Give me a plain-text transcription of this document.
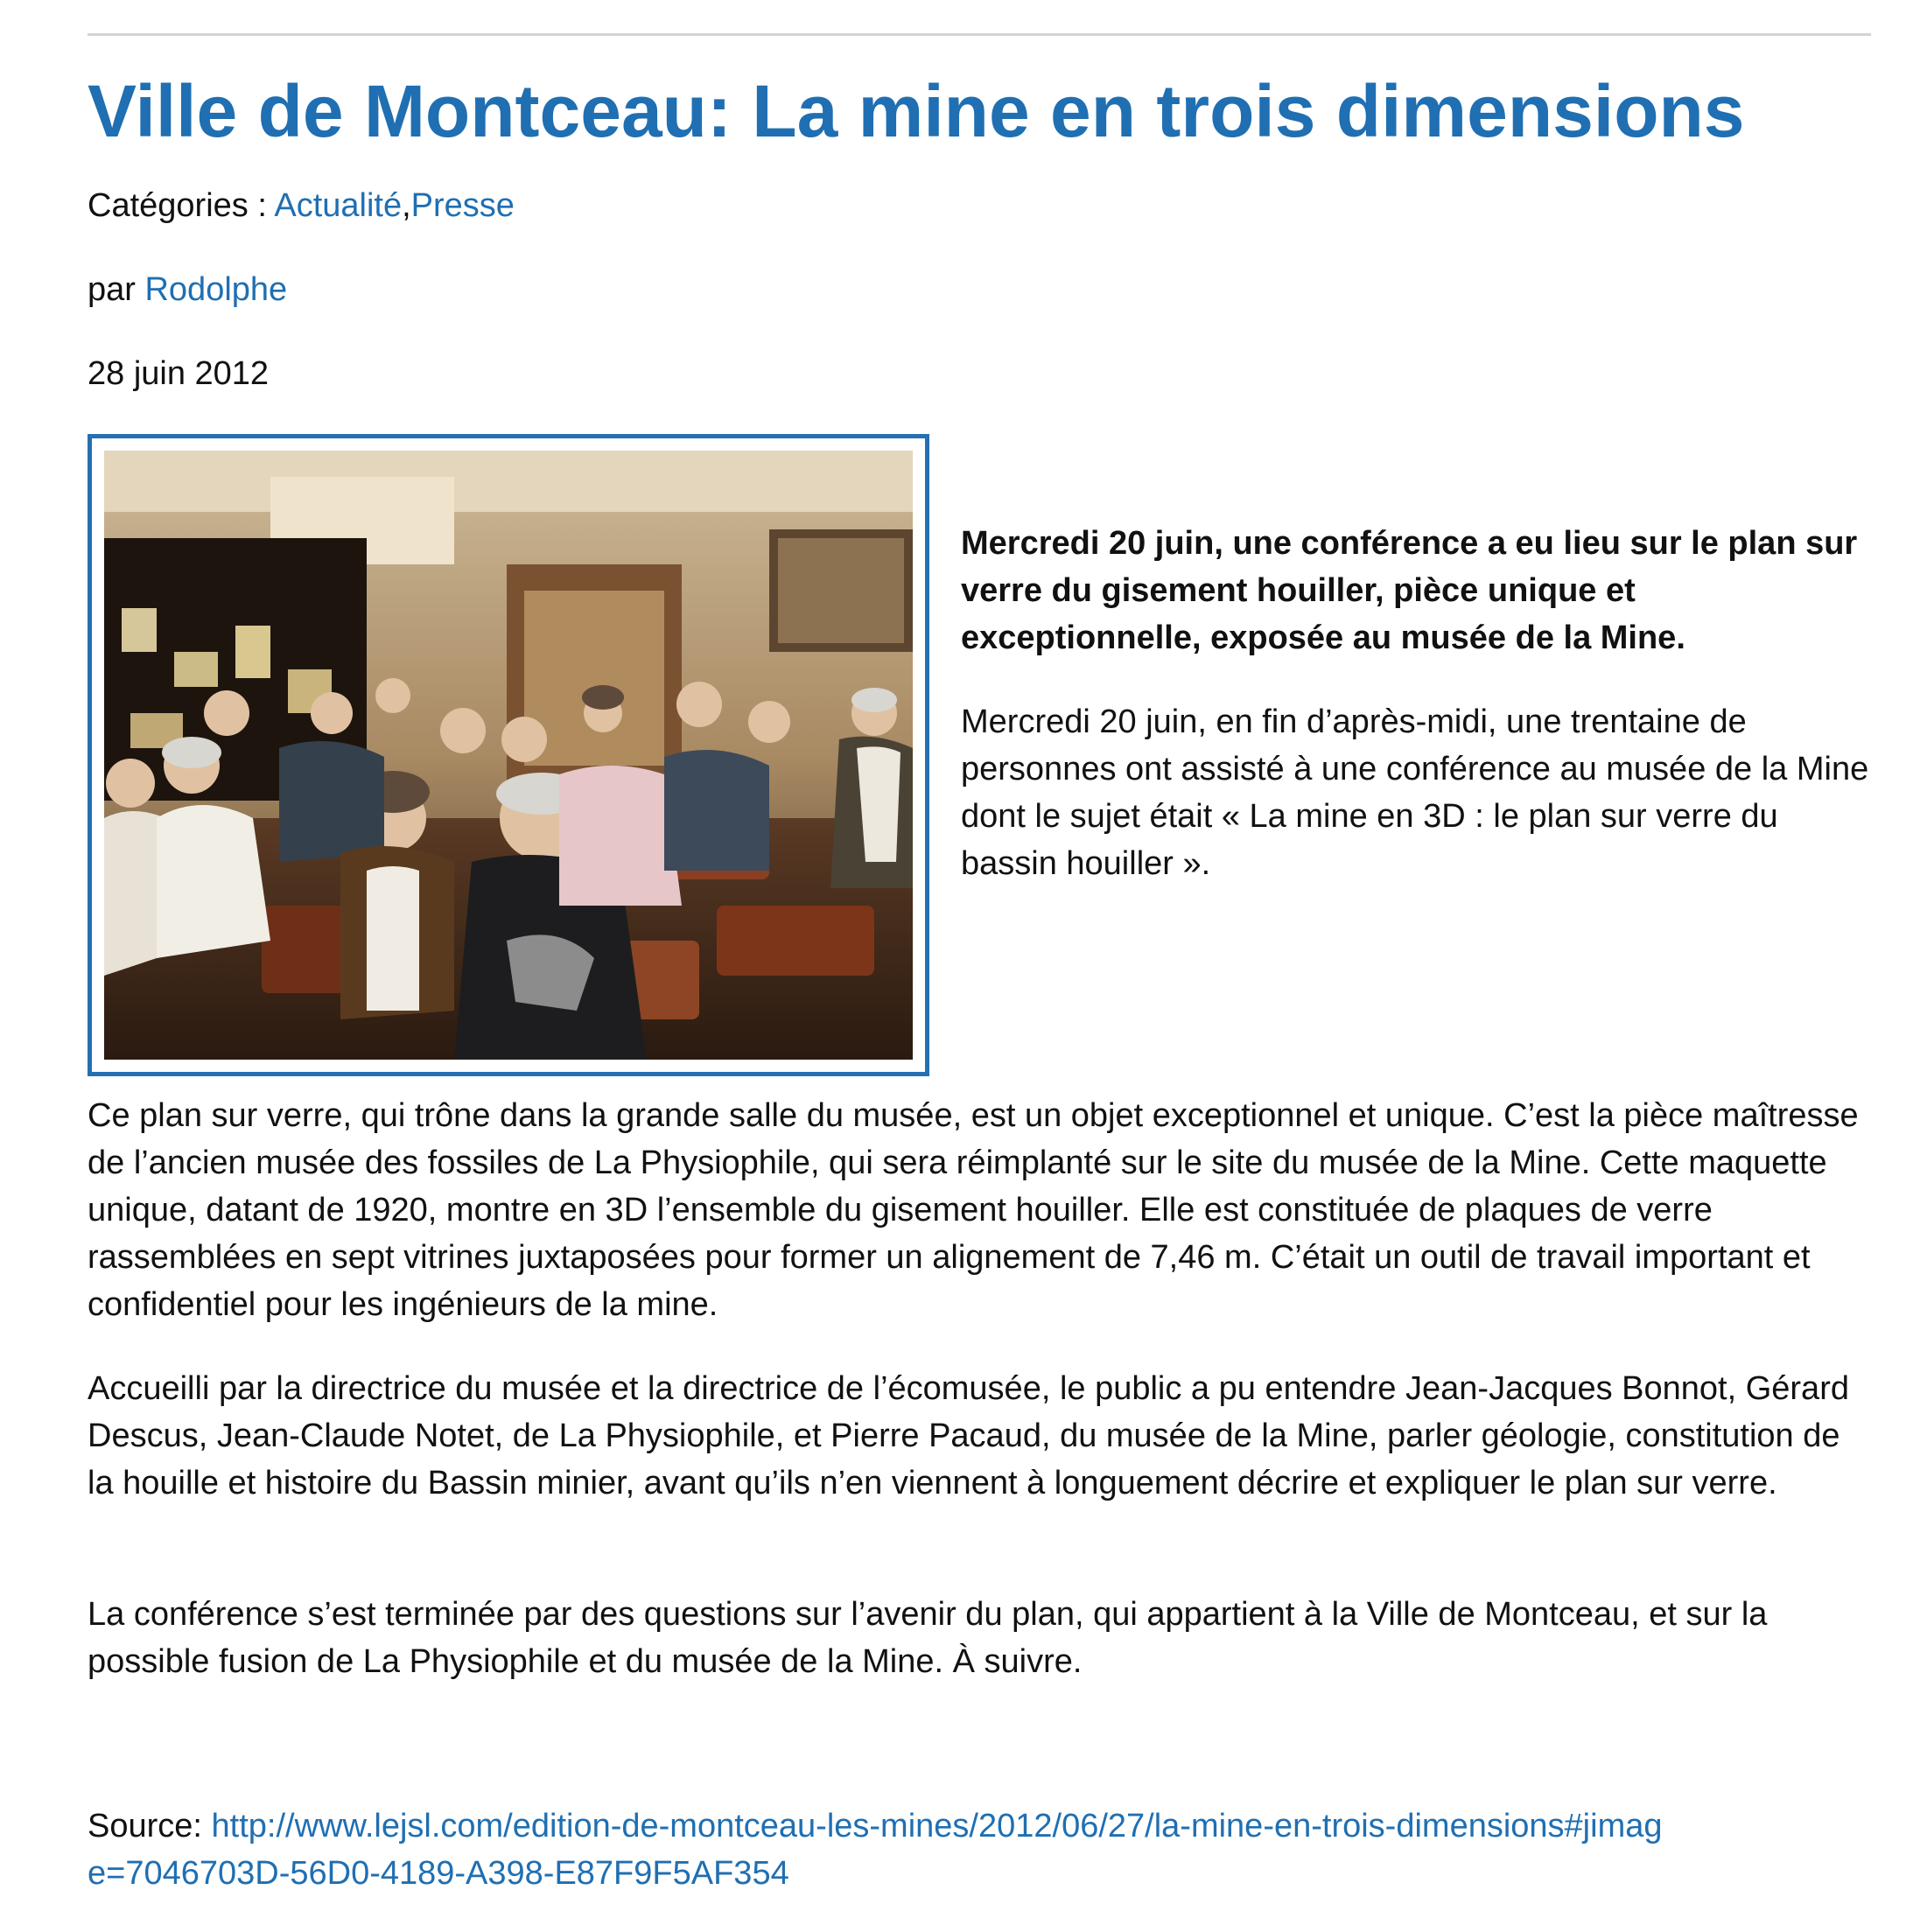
Ville de Montceau: La mine en trois dimensions
Catégories : Actualité,Presse
par Rodolphe
28 juin 2012

Mercredi 20 juin, une conférence a eu lieu sur le plan sur verre du gisement houiller, pièce unique et exceptionnelle, exposée au musée de la Mine.

Mercredi 20 juin, en fin d’après-midi, une trentaine de personnes ont assisté à une conférence au musée de la Mine dont le sujet était « La mine en 3D : le plan sur verre du bassin houiller ».

Ce plan sur verre, qui trône dans la grande salle du musée, est un objet exceptionnel et unique. C’est la pièce maîtresse de l’ancien musée des fossiles de La Physiophile, qui sera réimplanté sur le site du musée de la Mine. Cette maquette unique, datant de 1920, montre en 3D l’ensemble du gisement houiller. Elle est constituée de plaques de verre rassemblées en sept vitrines juxtaposées pour former un alignement de 7,46 m. C’était un outil de travail important et confidentiel pour les ingénieurs de la mine.

Accueilli par la directrice du musée et la directrice de l’écomusée, le public a pu entendre Jean-Jacques Bonnot, Gérard Descus, Jean-Claude Notet, de La Physiophile, et Pierre Pacaud, du musée de la Mine, parler géologie, constitution de la houille et histoire du Bassin minier, avant qu’ils n’en viennent à longuement décrire et expliquer le plan sur verre.

La conférence s’est terminée par des questions sur l’avenir du plan, qui appartient à la Ville de Montceau, et sur la possible fusion de La Physiophile et du musée de la Mine. À suivre.

Source: http://www.lejsl.com/edition-de-montceau-les-mines/2012/06/27/la-mine-en-trois-dimensions#jimage=7046703D-56D0-4189-A398-E87F9F5AF354
